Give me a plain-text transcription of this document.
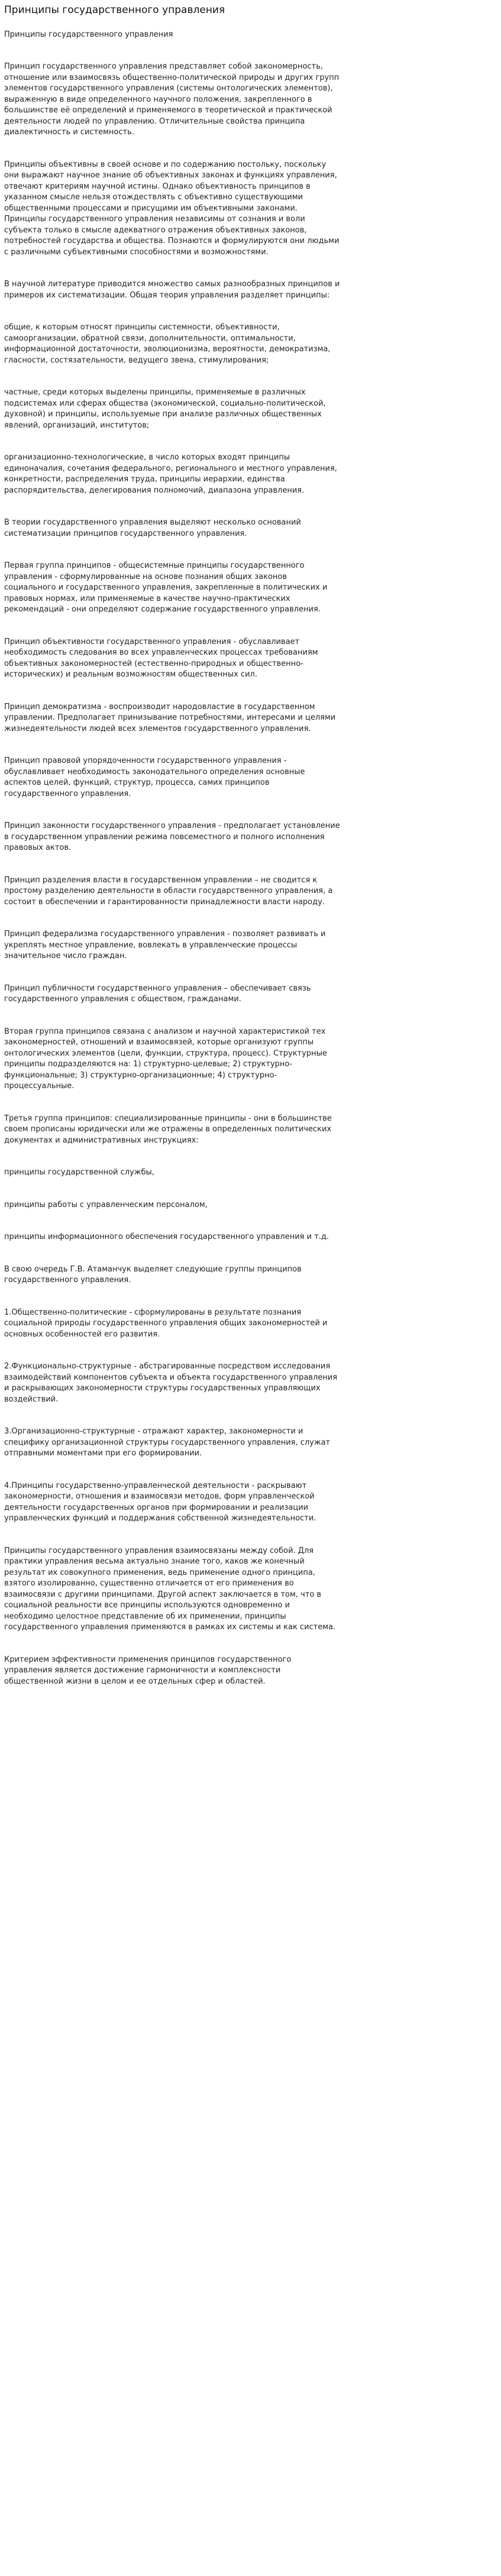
Принципы государственного управления
Принципы государственного управления

Принцип государственного управления представляет собой закономерность,
отношение или взаимосвязь общественно-политической природы и других групп
элементов государственного управления (системы онтологических элементов),
выраженную в виде определенного научного положения, закрепленного в
большинстве её определений и применяемого в теоретической и практической
деятельности людей по управлению. Отличительные свойства принципа
диалектичность и системность.

Принципы объективны в своей основе и по содержанию постольку, поскольку
они выражают научное знание об объективных законах и функциях управления,
отвечают критериям научной истины. Однако объективность принципов в
указанном смысле нельзя отождествлять с объективно существующими
общественными процессами и присущими им объективными законами.
Принципы государственного управления независимы от сознания и воли
субъекта только в смысле адекватного отражения объективных законов,
потребностей государства и общества. Познаются и формулируются они людьми
с различными субъективными способностями и возможностями.

В научной литературе приводится множество самых разнообразных принципов и
примеров их систематизации. Общая теория управления разделяет принципы:

общие, к которым относят принципы системности, объективности,
самоорганизации, обратной связи, дополнительности, оптимальности,
информационной достаточности, эволюционизма, вероятности, демократизма,
гласности, состязательности, ведущего звена, стимулирования;

частные, среди которых выделены принципы, применяемые в различных
подсистемах или сферах общества (экономической, социально-политической,
духовной) и принципы, используемые при анализе различных общественных
явлений, организаций, институтов;

организационно-технологические, в число которых входят принципы
единоначалия, сочетания федерального, регионального и местного управления,
конкретности, распределения труда, принципы иерархии, единства
распорядительства, делегирования полномочий, диапазона управления.

В теории государственного управления выделяют несколько оснований
систематизации принципов государственного управления.

Первая группа принципов - общесистемные принципы государственного
управления - сформулированные на основе познания общих законов
социального и государственного управления, закрепленные в политических и
правовых нормах, или применяемые в качестве научно-практических
рекомендаций - они определяют содержание государственного управления.

Принцип объективности государственного управления - обуславливает
необходимость следования во всех управленческих процессах требованиям
объективных закономерностей (естественно-природных и общественно-
исторических) и реальным возможностям общественных сил.

Принцип демократизма - воспроизводит народовластие в государственном
управлении. Предполагает принизывание потребностями, интересами и целями
жизнедеятельности людей всех элементов государственного управления.

Принцип правовой упорядоченности государственного управления -
обуславливает необходимость законодательного определения основные
аспектов целей, функций, структур, процесса, самих принципов
государственного управления.

Принцип законности государственного управления - предполагает установление
в государственном управлении режима повсеместного и полного исполнения
правовых актов.

Принцип разделения власти в государственном управлении – не сводится к
простому разделению деятельности в области государственного управления, а
состоит в обеспечении и гарантированности принадлежности власти народу.

Принцип федерализма государственного управления - позволяет развивать и
укреплять местное управление, вовлекать в управленческие процессы
значительное число граждан.

Принцип публичности государственного управления – обеспечивает связь
государственного управления с обществом, гражданами.

Вторая группа принципов связана с анализом и научной характеристикой тех
закономерностей, отношений и взаимосвязей, которые организуют группы
онтологических элементов (цели, функции, структура, процесс). Структурные
принципы подразделяются на: 1) структурно-целевые; 2) структурно-
функциональные; 3) структурно-организационные; 4) структурно-
процессуальные.

Третья группа принципов: специализированные принципы - они в большинстве
своем прописаны юридически или же отражены в определенных политических
документах и административных инструкциях:

принципы государственной службы,

принципы работы с управленческим персоналом,

принципы информационного обеспечения государственного управления и т.д.

В свою очередь Г.В. Атаманчук выделяет следующие группы принципов
государственного управления.

1.Общественно-политические - сформулированы в результате познания
социальной природы государственного управления общих закономерностей и
основных особенностей его развития.

2.Функционально-структурные - абстрагированные посредством исследования
взаимодействий компонентов субъекта и объекта государственного управления
и раскрывающих закономерности структуры государственных управляющих
воздействий.

3.Организационно-структурные - отражают характер, закономерности и
специфику организационной структуры государственного управления, служат
отправными моментами при его формировании.

4.Принципы государственно-управленческой деятельности - раскрывают
закономерности, отношения и взаимосвязи методов, форм управленческой
деятельности государственных органов при формировании и реализации
управленческих функций и поддержания собственной жизнедеятельности.

Принципы государственного управления взаимосвязаны между собой. Для
практики управления весьма актуально знание того, каков же конечный
результат их совокупного применения, ведь применение одного принципа,
взятого изолированно, существенно отличается от его применения во
взаимосвязи с другими принципами. Другой аспект заключается в том, что в
социальной реальности все принципы используются одновременно и
необходимо целостное представление об их применении, принципы
государственного управления применяются в рамках их системы и как система.

Критерием эффективности применения принципов государственного
управления является достижение гармоничности и комплексности
общественной жизни в целом и ее отдельных сфер и областей.
